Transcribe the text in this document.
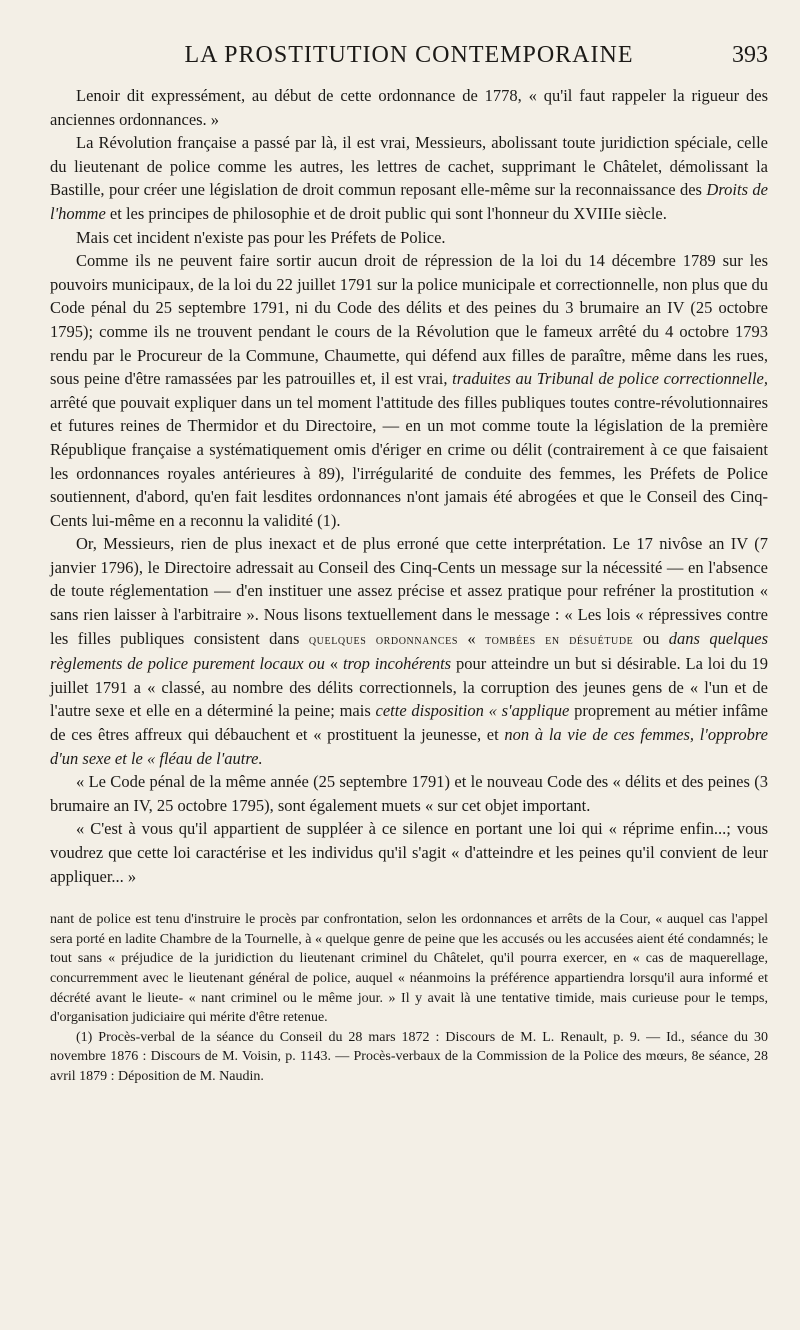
LA PROSTITUTION CONTEMPORAINE	393

Lenoir dit expressément, au début de cette ordonnance de 1778, « qu'il faut rappeler la rigueur des anciennes ordonnances. »

La Révolution française a passé par là, il est vrai, Messieurs, abolissant toute juridiction spéciale, celle du lieutenant de police comme les autres, les lettres de cachet, supprimant le Châtelet, démolissant la Bastille, pour créer une législation de droit commun reposant elle-même sur la reconnaissance des Droits de l'homme et les principes de philosophie et de droit public qui sont l'honneur du XVIIIe siècle.

Mais cet incident n'existe pas pour les Préfets de Police.

Comme ils ne peuvent faire sortir aucun droit de répression de la loi du 14 décembre 1789 sur les pouvoirs municipaux, de la loi du 22 juillet 1791 sur la police municipale et correctionnelle, non plus que du Code pénal du 25 septembre 1791, ni du Code des délits et des peines du 3 brumaire an IV (25 octobre 1795); comme ils ne trouvent pendant le cours de la Révolution que le fameux arrêté du 4 octobre 1793 rendu par le Procureur de la Commune, Chaumette, qui défend aux filles de paraître, même dans les rues, sous peine d'être ramassées par les patrouilles et, il est vrai, traduites au Tribunal de police correctionnelle, arrêté que pouvait expliquer dans un tel moment l'attitude des filles publiques toutes contre-révolutionnaires et futures reines de Thermidor et du Directoire, — en un mot comme toute la législation de la première République française a systématiquement omis d'ériger en crime ou délit (contrairement à ce que faisaient les ordonnances royales antérieures à 89), l'irrégularité de conduite des femmes, les Préfets de Police soutiennent, d'abord, qu'en fait lesdites ordonnances n'ont jamais été abrogées et que le Conseil des Cinq-Cents lui-même en a reconnu la validité (1).

Or, Messieurs, rien de plus inexact et de plus erroné que cette interprétation. Le 17 nivôse an IV (7 janvier 1796), le Directoire adressait au Conseil des Cinq-Cents un message sur la nécessité — en l'absence de toute réglementation — d'en instituer une assez précise et assez pratique pour refréner la prostitution « sans rien laisser à l'arbitraire ». Nous lisons textuellement dans le message : « Les lois « répressives contre les filles publiques consistent dans quelques ordonnances « tombées en désuétude ou dans quelques règlements de police purement locaux ou « trop incohérents pour atteindre un but si désirable. La loi du 19 juillet 1791 a « classé, au nombre des délits correctionnels, la corruption des jeunes gens de « l'un et de l'autre sexe et elle en a déterminé la peine; mais cette disposition « s'applique proprement au métier infâme de ces êtres affreux qui débauchent et « prostituent la jeunesse, et non à la vie de ces femmes, l'opprobre d'un sexe et le « fléau de l'autre.

« Le Code pénal de la même année (25 septembre 1791) et le nouveau Code des « délits et des peines (3 brumaire an IV, 25 octobre 1795), sont également muets « sur cet objet important.

« C'est à vous qu'il appartient de suppléer à ce silence en portant une loi qui « réprime enfin...; vous voudrez que cette loi caractérise et les individus qu'il s'agit « d'atteindre et les peines qu'il convient de leur appliquer... »

nant de police est tenu d'instruire le procès par confrontation, selon les ordonnances et arrêts de la Cour, « auquel cas l'appel sera porté en ladite Chambre de la Tournelle, à « quelque genre de peine que les accusés ou les accusées aient été condamnés; le tout sans « préjudice de la juridiction du lieutenant criminel du Châtelet, qu'il pourra exercer, en « cas de maquerellage, concurremment avec le lieutenant général de police, auquel « néanmoins la préférence appartiendra lorsqu'il aura informé et décrété avant le lieute- « nant criminel ou le même jour. » Il y avait là une tentative timide, mais curieuse pour le temps, d'organisation judiciaire qui mérite d'être retenue.

(1) Procès-verbal de la séance du Conseil du 28 mars 1872 : Discours de M. L. Renault, p. 9. — Id., séance du 30 novembre 1876 : Discours de M. Voisin, p. 1143. — Procès-verbaux de la Commission de la Police des mœurs, 8e séance, 28 avril 1879 : Déposition de M. Naudin.
